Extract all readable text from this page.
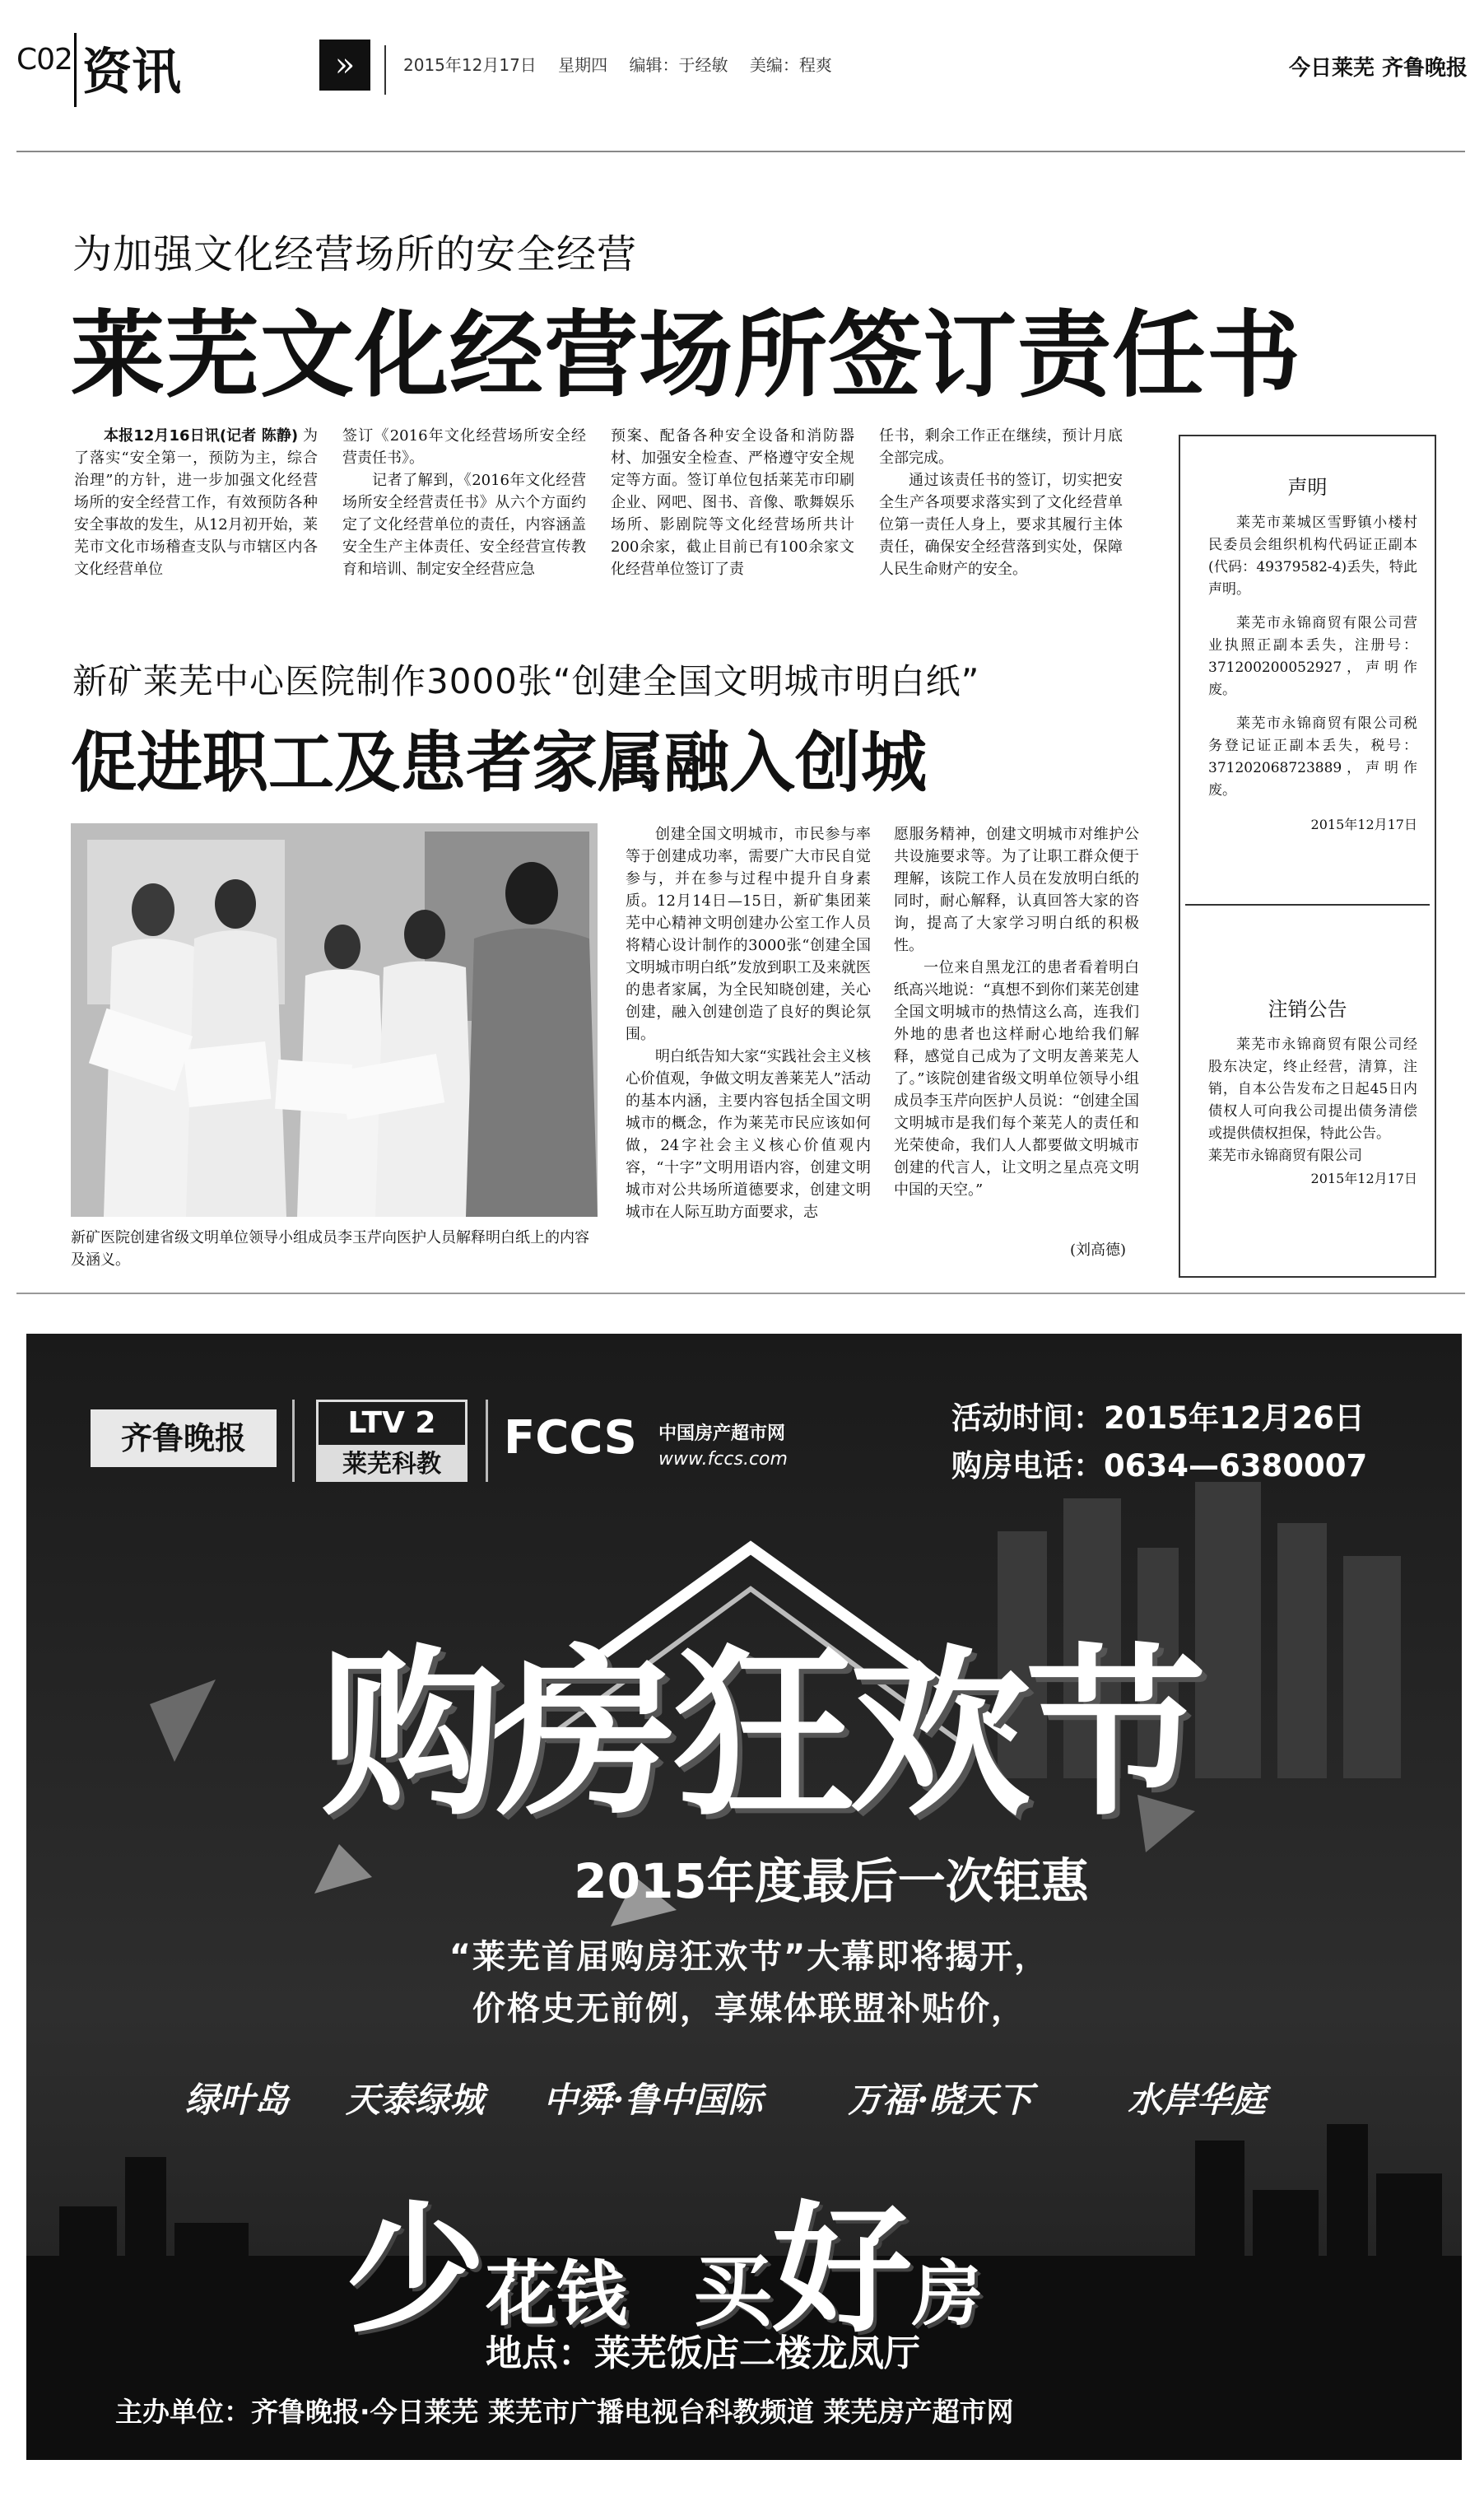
C02 资讯	»	2015年12月17日 星期四 编辑：于经敏 美编：程爽	今日莱芜 齐鲁晚报
为加强文化经营场所的安全经营
莱芜文化经营场所签订责任书

本报12月16日讯(记者 陈静) 为了落实“安全第一，预防为主，综合治理”的方针，进一步加强文化经营场所的安全经营工作，有效预防各种安全事故的发生，从12月初开始，莱芜市文化市场稽查支队与市辖区内各文化经营单位

签订《2016年文化经营场所安全经营责任书》。

记者了解到，《2016年文化经营场所安全经营责任书》从六个方面约定了文化经营单位的责任，内容涵盖安全生产主体责任、安全经营宣传教育和培训、制定安全经营应急

预案、配备各种安全设备和消防器材、加强安全检查、严格遵守安全规定等方面。签订单位包括莱芜市印刷企业、网吧、图书、音像、歌舞娱乐场所、影剧院等文化经营场所共计200余家，截止目前已有100余家文化经营单位签订了责

任书，剩余工作正在继续，预计月底全部完成。

通过该责任书的签订，切实把安全生产各项要求落实到了文化经营单位第一责任人身上，要求其履行主体责任，确保安全经营落到实处，保障人民生命财产的安全。

声明

莱芜市莱城区雪野镇小楼村民委员会组织机构代码证正副本(代码：49379582-4)丢失，特此声明。

莱芜市永锦商贸有限公司营业执照正副本丢失，注册号：371200200052927，声明作废。

莱芜市永锦商贸有限公司税务登记证正副本丢失，税号：371202068723889，声明作废。

2015年12月17日

注销公告

莱芜市永锦商贸有限公司经股东决定，终止经营，清算，注销，自本公告发布之日起45日内债权人可向我公司提出债务清偿或提供债权担保，特此公告。

莱芜市永锦商贸有限公司

2015年12月17日

新矿莱芜中心医院制作3000张“创建全国文明城市明白纸”
促进职工及患者家属融入创城
新矿医院创建省级文明单位领导小组成员李玉芹向医护人员解释明白纸上的内容及涵义。

创建全国文明城市，市民参与率等于创建成功率，需要广大市民自觉参与，并在参与过程中提升自身素质。12月14日—15日，新矿集团莱芜中心精神文明创建办公室工作人员将精心设计制作的3000张“创建全国文明城市明白纸”发放到职工及来就医的患者家属，为全民知晓创建，关心创建，融入创建创造了良好的舆论氛围。

明白纸告知大家“实践社会主义核心价值观，争做文明友善莱芜人”活动的基本内涵，主要内容包括全国文明城市的概念，作为莱芜市民应该如何做，24字社会主义核心价值观内容，“十字”文明用语内容，创建文明城市对公共场所道德要求，创建文明城市在人际互助方面要求，志

愿服务精神，创建文明城市对维护公共设施要求等。为了让职工群众便于理解，该院工作人员在发放明白纸的同时，耐心解释，认真回答大家的咨询，提高了大家学习明白纸的积极性。

一位来自黑龙江的患者看着明白纸高兴地说：“真想不到你们莱芜创建全国文明城市的热情这么高，连我们外地的患者也这样耐心地给我们解释，感觉自己成为了文明友善莱芜人了。”该院创建省级文明单位领导小组成员李玉芹向医护人员说：“创建全国文明城市是我们每个莱芜人的责任和光荣使命，我们人人都要做文明城市创建的代言人，让文明之星点亮文明中国的天空。”

(刘高德)
齐鲁晚报	LTV 2
莱芜科教	FCCS 中国房产超市网
www.fccs.com
活动时间：2015年12月26日
购房电话：0634—6380007
购房狂欢节
2015年度最后一次钜惠
“莱芜首届购房狂欢节”大幕即将揭开，
价格史无前例，享媒体联盟补贴价，
绿叶岛 天泰绿城 中舜·鲁中国际 万福·晓天下	水岸华庭
少花钱 买好房
地点：莱芜饭店二楼龙凤厅
主办单位：齐鲁晚报·今日莱芜 莱芜市广播电视台科教频道 莱芜房产超市网
